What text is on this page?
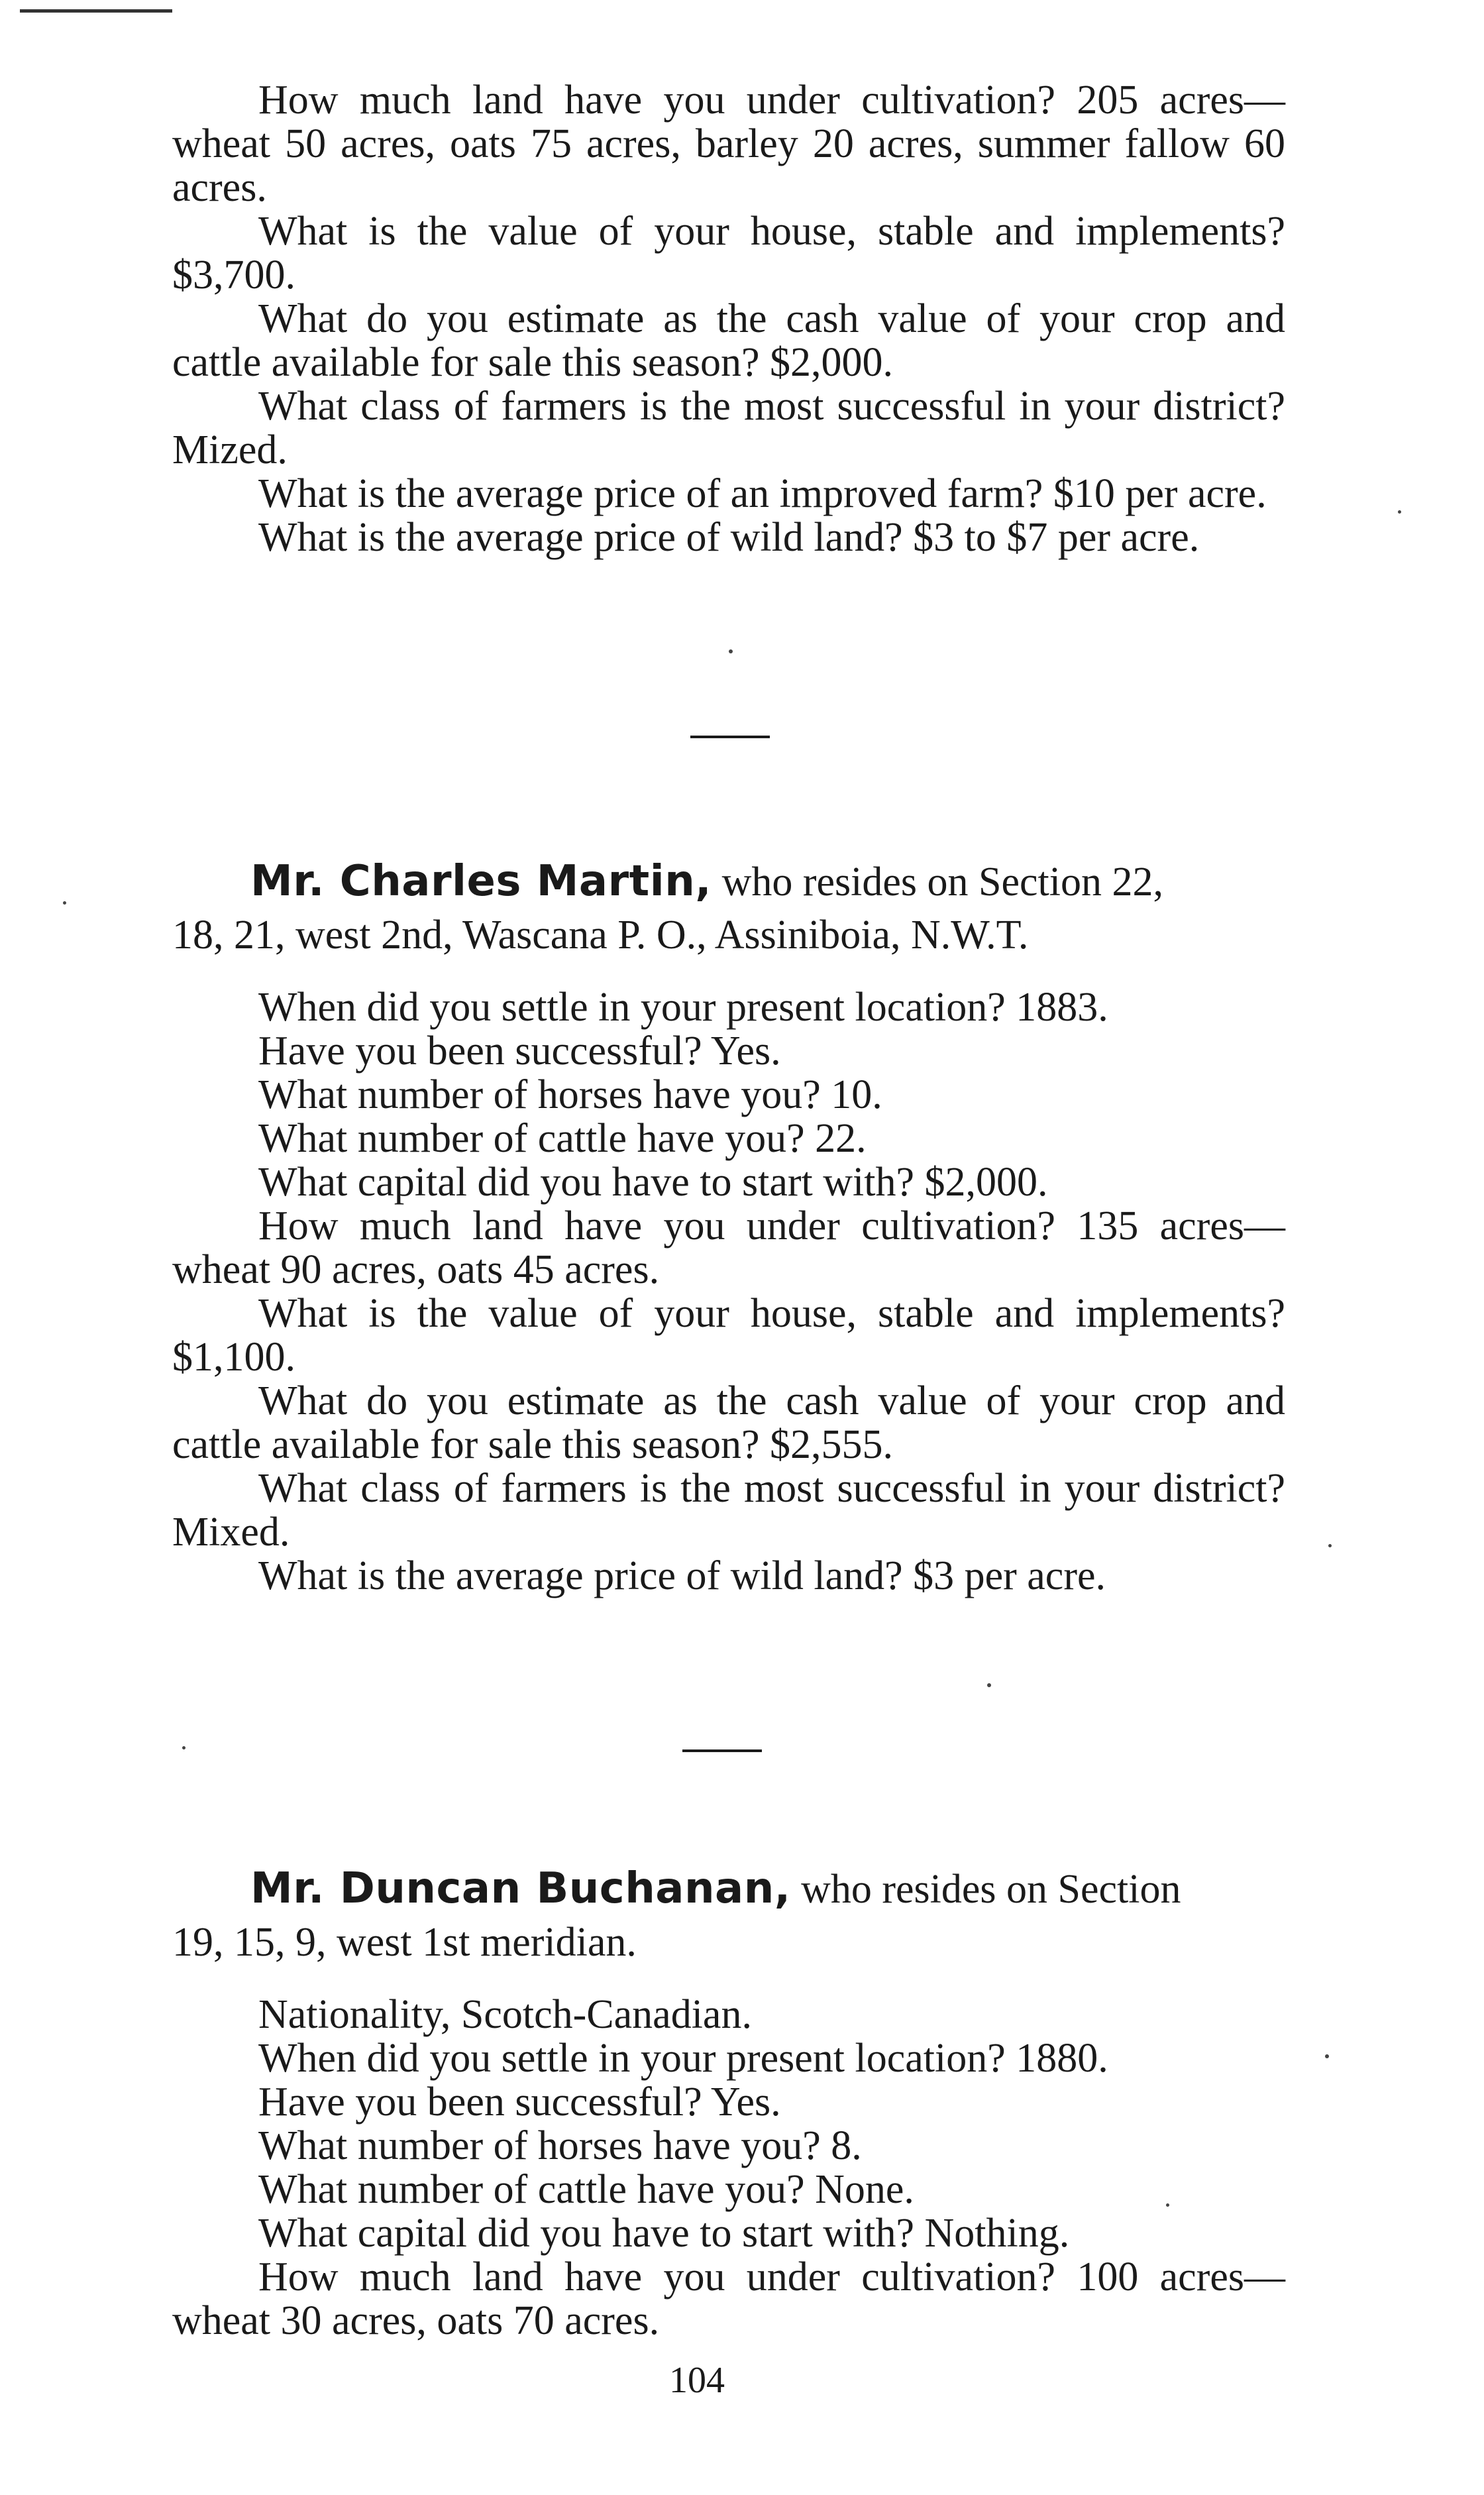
How much land have you under cultivation? 205 acres—wheat 50 acres, oats 75 acres, barley 20 acres, summer fallow 60 acres.

What is the value of your house, stable and implements? $3,700.

What do you estimate as the cash value of your crop and cattle available for sale this season? $2,000.

What class of farmers is the most successful in your district? Mized.

What is the average price of an improved farm? $10 per acre.

What is the average price of wild land? $3 to $7 per acre.

Mr. Charles Martin, who resides on Section 22,

18, 21, west 2nd, Wascana P. O., Assiniboia, N.W.T.

When did you settle in your present location? 1883.

Have you been successful? Yes.

What number of horses have you? 10.

What number of cattle have you? 22.

What capital did you have to start with? $2,000.

How much land have you under cultivation? 135 acres—wheat 90 acres, oats 45 acres.

What is the value of your house, stable and implements? $1,100.

What do you estimate as the cash value of your crop and cattle available for sale this season? $2,555.

What class of farmers is the most successful in your district? Mixed.

What is the average price of wild land? $3 per acre.

Mr. Duncan Buchanan, who resides on Section

19, 15, 9, west 1st meridian.

Nationality, Scotch-Canadian.

When did you settle in your present location? 1880.

Have you been successful? Yes.

What number of horses have you? 8.

What number of cattle have you? None.

What capital did you have to start with? Nothing.

How much land have you under cultivation? 100 acres—wheat 30 acres, oats 70 acres.

104
